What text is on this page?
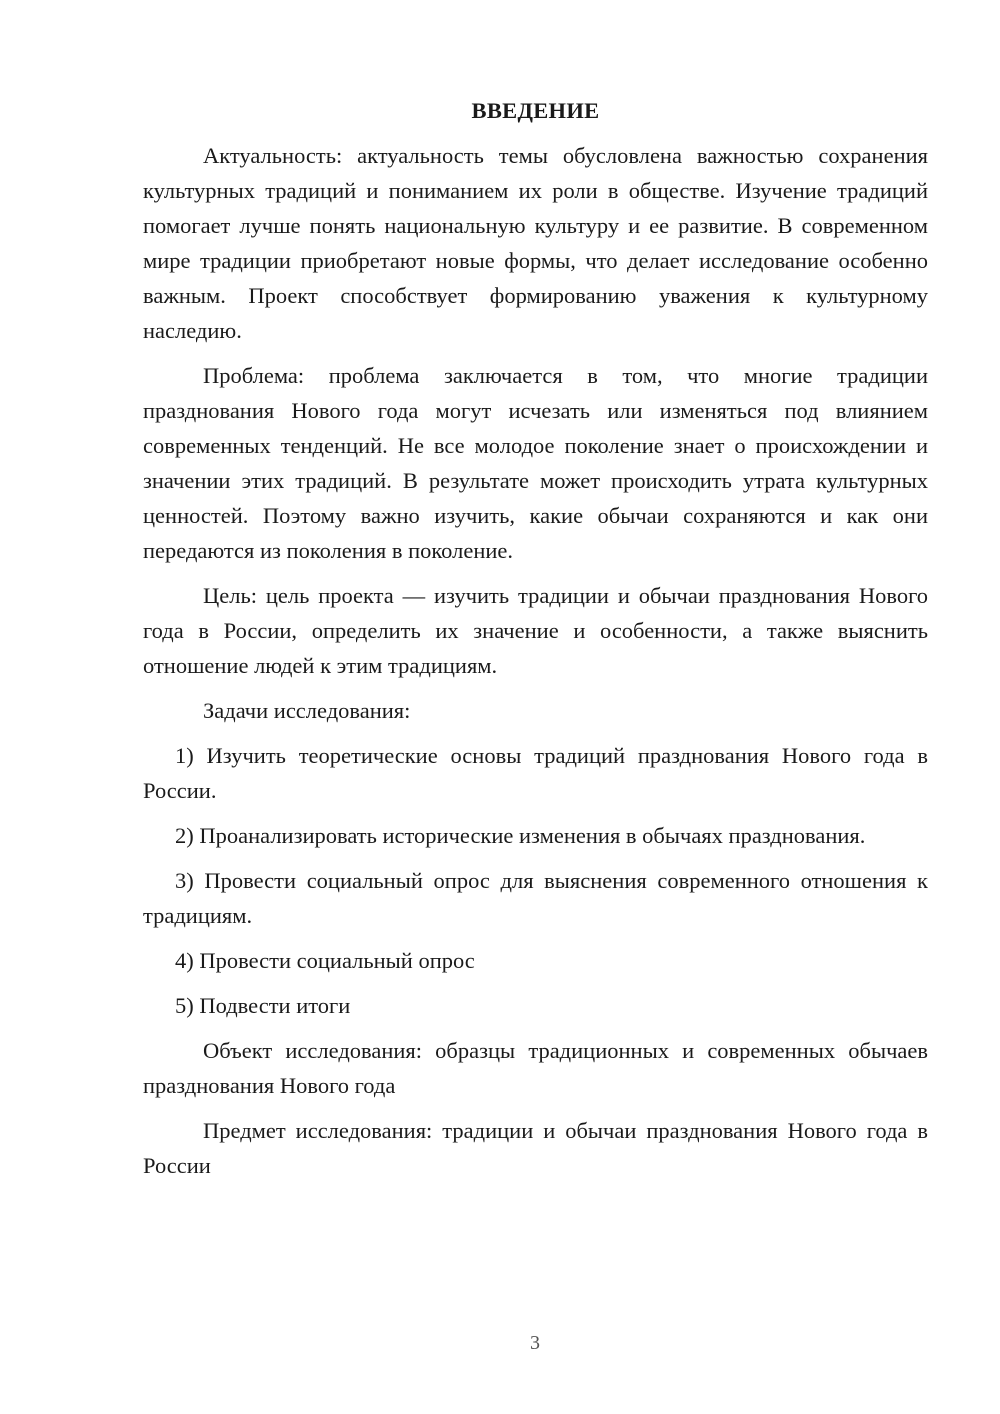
ВВЕДЕНИЕ

Актуальность: актуальность темы обусловлена важностью сохранения культурных традиций и пониманием их роли в обществе. Изучение традиций помогает лучше понять национальную культуру и ее развитие. В современном мире традиции приобретают новые формы, что делает исследование особенно важным. Проект способствует формированию уважения к культурному наследию.

Проблема: проблема заключается в том, что многие традиции празднования Нового года могут исчезать или изменяться под влиянием современных тенденций. Не все молодое поколение знает о происхождении и значении этих традиций. В результате может происходить утрата культурных ценностей. Поэтому важно изучить, какие обычаи сохраняются и как они передаются из поколения в поколение.

Цель: цель проекта — изучить традиции и обычаи празднования Нового года в России, определить их значение и особенности, а также выяснить отношение людей к этим традициям.

Задачи исследования:

1) Изучить теоретические основы традиций празднования Нового года в России.

2) Проанализировать исторические изменения в обычаях празднования.

3) Провести социальный опрос для выяснения современного отношения к традициям.

4) Провести социальный опрос

5) Подвести итоги

Объект исследования: образцы традиционных и современных обычаев празднования Нового года

Предмет исследования: традиции и обычаи празднования Нового года в России

3
